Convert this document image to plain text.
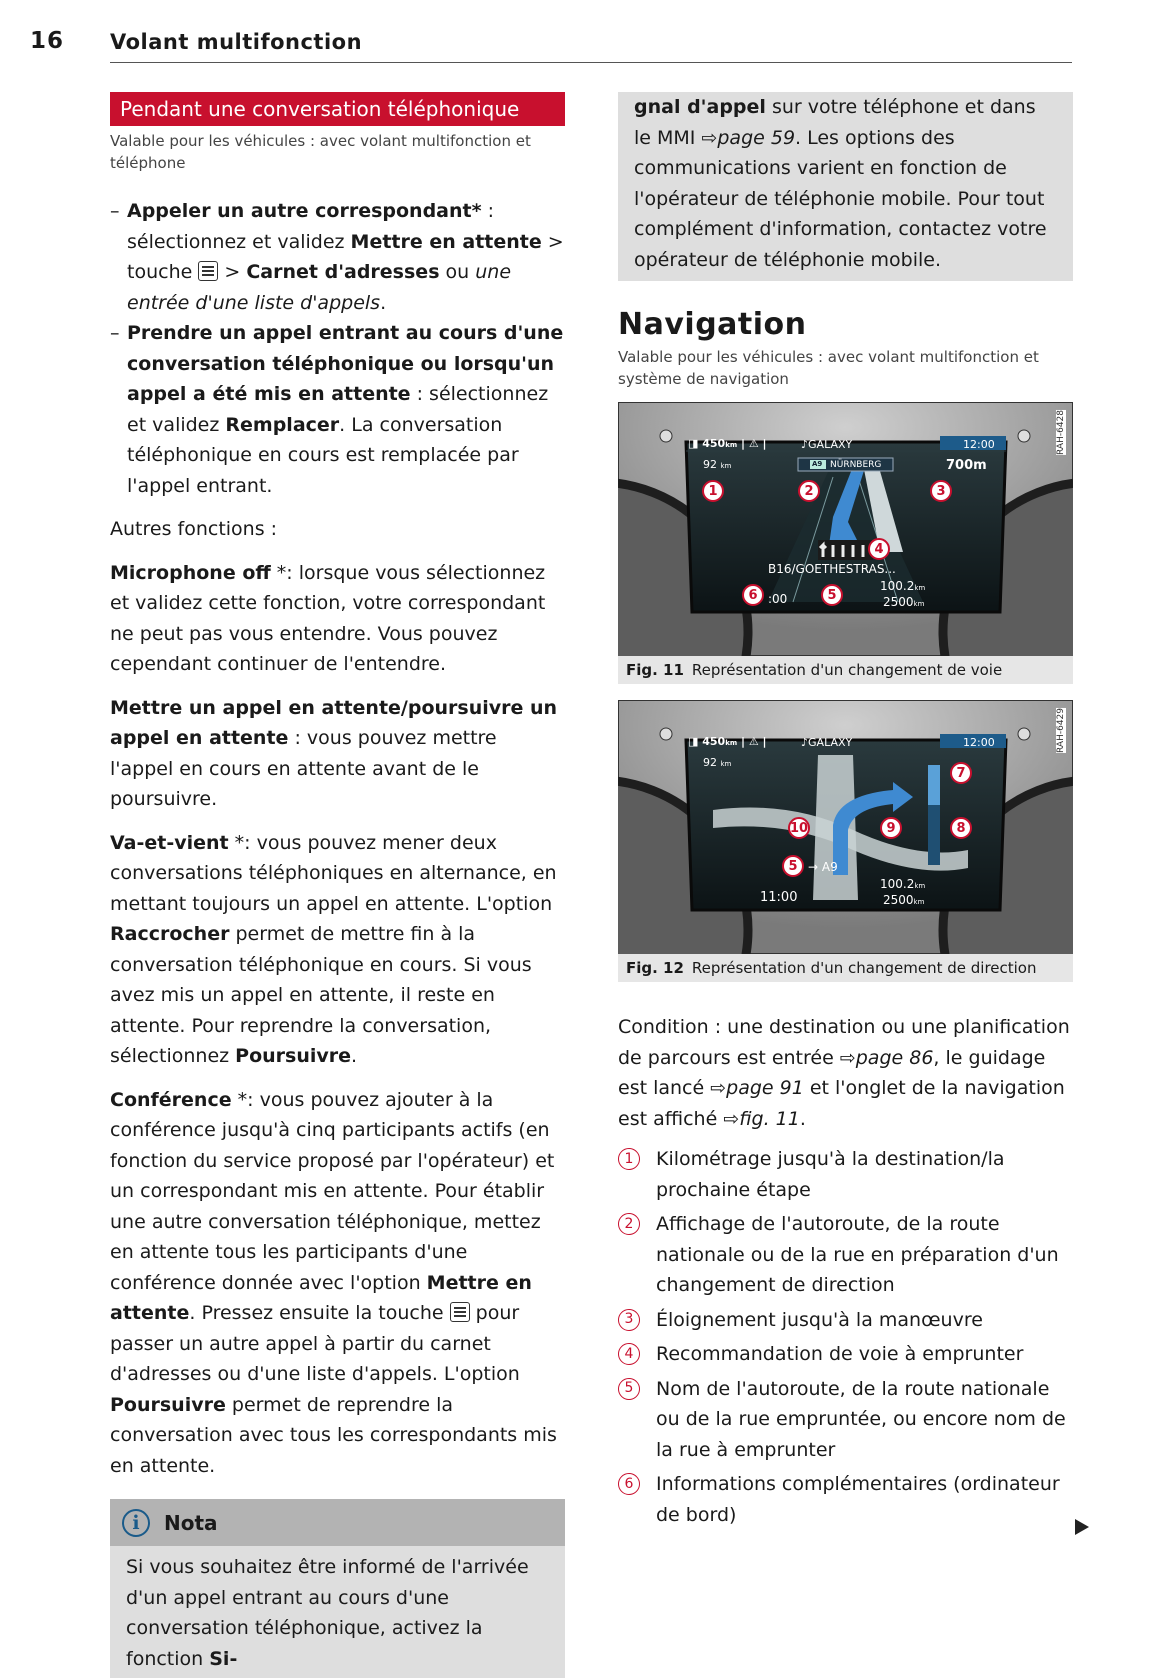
16 Volant multifonction
Pendant une conversation téléphonique
Valable pour les véhicules : avec volant multifonction et téléphone
– Appeler un autre correspondant* : sélectionnez et validez Mettre en attente > touche  > Carnet d'adresses ou une entrée d'une liste d'appels.
– Prendre un appel entrant au cours d'une conversation téléphonique ou lorsqu'un appel a été mis en attente : sélectionnez et validez Remplacer. La conversation téléphonique en cours est remplacée par l'appel entrant.

Autres fonctions :

Microphone off *: lorsque vous sélectionnez et validez cette fonction, votre correspondant ne peut pas vous entendre. Vous pouvez cependant continuer de l'entendre.

Mettre un appel en attente/poursuivre un appel en attente : vous pouvez mettre l'appel en cours en attente avant de le poursuivre.

Va-et-vient *: vous pouvez mener deux conversations téléphoniques en alternance, en mettant toujours un appel en attente. L'option Raccrocher permet de mettre fin à la conversation téléphonique en cours. Si vous avez mis un appel en attente, il reste en attente. Pour reprendre la conversation, sélectionnez Poursuivre.

Conférence *: vous pouvez ajouter à la conférence jusqu'à cinq participants actifs (en fonction du service proposé par l'opérateur) et un correspondant mis en attente. Pour établir une autre conversation téléphonique, mettez en attente tous les participants d'une conférence donnée avec l'option Mettre en attente. Pressez ensuite la touche  pour passer un autre appel à partir du carnet d'adresses ou d'une liste d'appels. L'option Poursuivre permet de reprendre la conversation avec tous les correspondants mis en attente.

i	Nota
Si vous souhaitez être informé de l'arrivée d'un appel entrant au cours d'une conversation téléphonique, activez la fonction Si-
gnal d'appel sur votre téléphone et dans le MMI ⇨page 59. Les options des communications varient en fonction de l'opérateur de téléphonie mobile. Pour tout complément d'information, contactez votre opérateur de téléphonie mobile.
Navigation
Valable pour les véhicules : avec volant multifonction et système de navigation
◨ 450km | ⚠ |
92 km
♪GALAXY
A9 NÜRNBERG
12:00
700m
B16/GOETHESTRAS...
:00
100.2km
2500km
RAH-6428
1	2	3
4
5
6
Fig. 11 Représentation d'un changement de voie
◨ 450km | ⚠ |
92 km
♪GALAXY	12:00
→ A9
11:00
100.2km
2500km
RAH-6429
5
7
8
9
10
Fig. 12 Représentation d'un changement de direction

Condition : une destination ou une planification de parcours est entrée ⇨page 86, le guidage est lancé ⇨page 91 et l'onglet de la navigation est affiché ⇨fig. 11.

1	Kilométrage jusqu'à la destination/la prochaine étape
2	Affichage de l'autoroute, de la route nationale ou de la rue en préparation d'un changement de direction
3	Éloignement jusqu'à la manœuvre
4	Recommandation de voie à emprunter
5	Nom de l'autoroute, de la route nationale ou de la rue empruntée, ou encore nom de la rue à emprunter
6	Informations complémentaires (ordinateur de bord)
